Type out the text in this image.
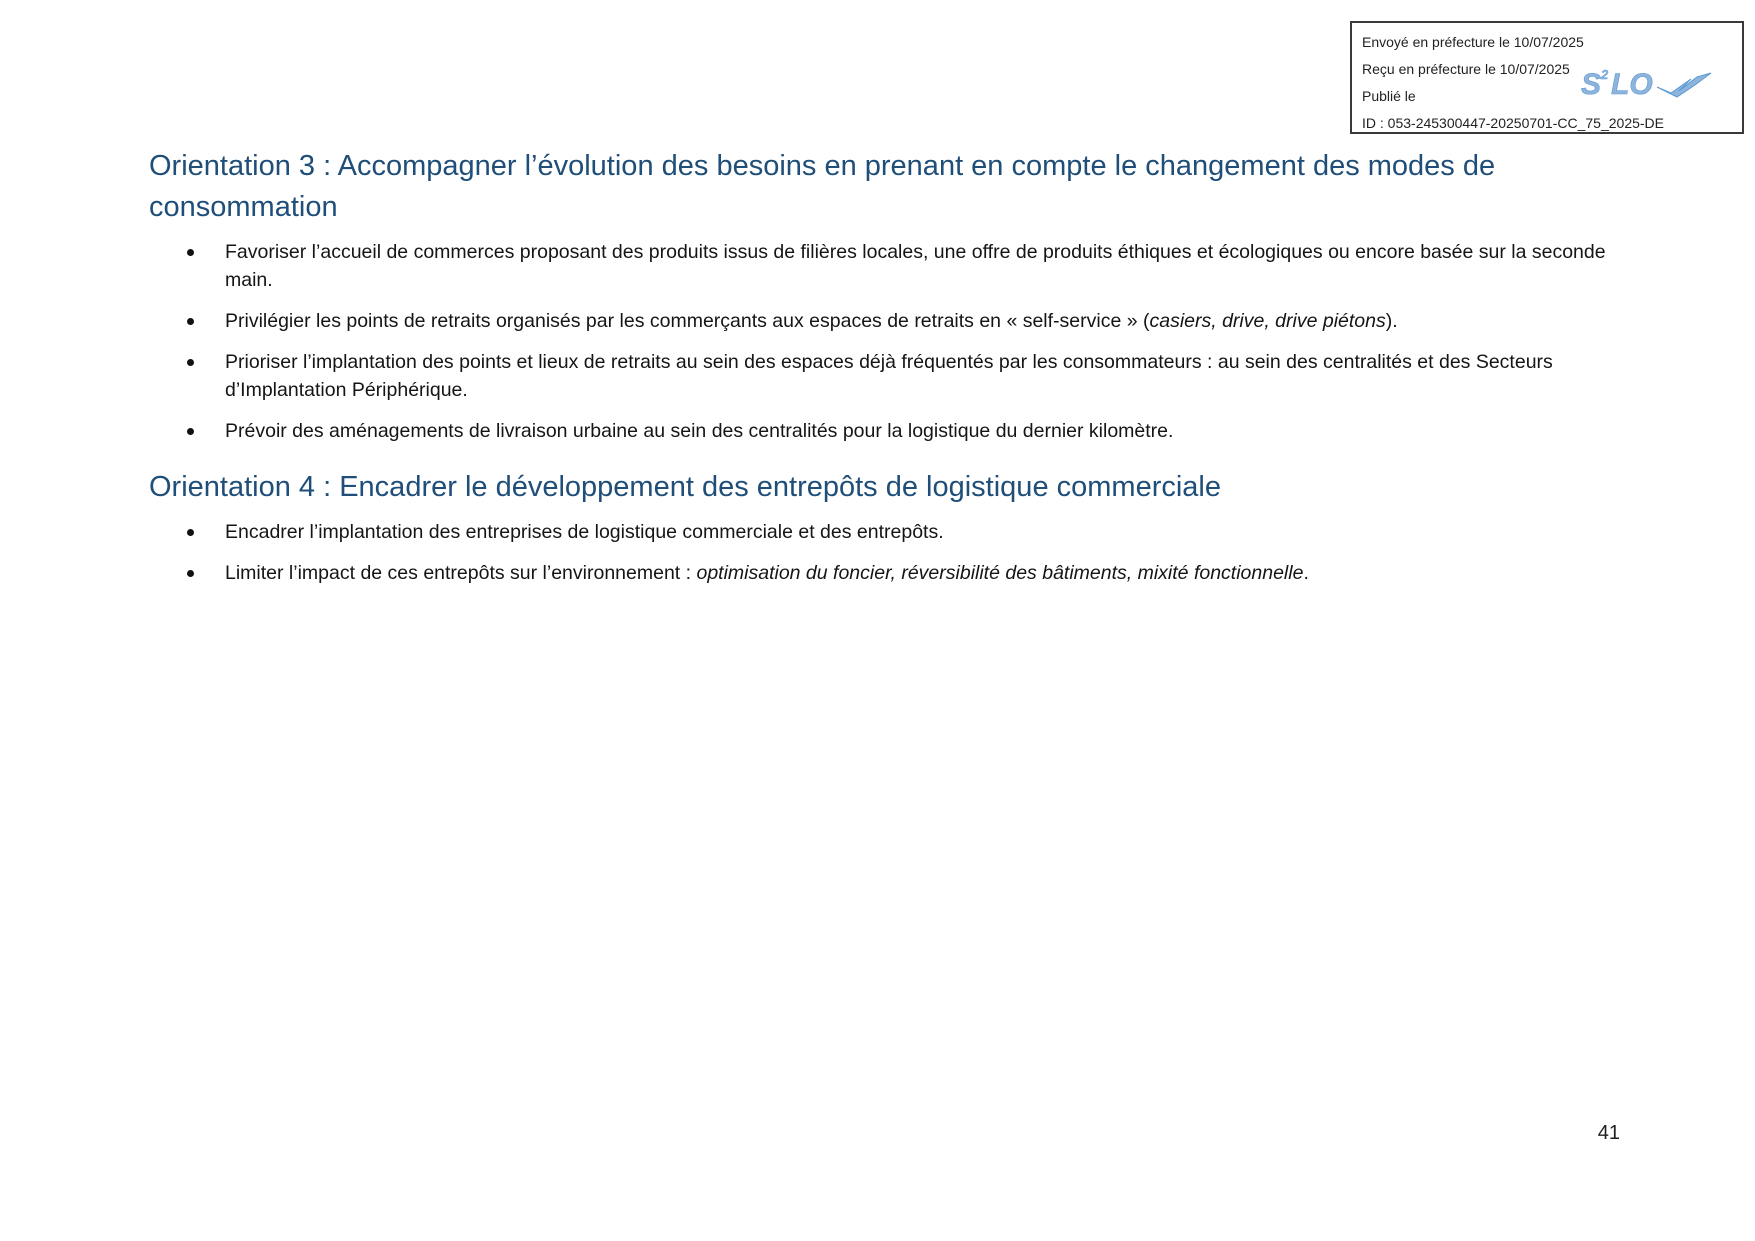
Envoyé en préfecture le 10/07/2025
Reçu en préfecture le 10/07/2025
Publié le
ID : 053-245300447-20250701-CC_75_2025-DE
S 2 LO
Orientation 3 : Accompagner l’évolution des besoins en prenant en compte le changement des modes de consommation
Favoriser l’accueil de commerces proposant des produits issus de filières locales, une offre de produits éthiques et écologiques ou encore basée sur la seconde main.
Privilégier les points de retraits organisés par les commerçants aux espaces de retraits en « self-service » (casiers, drive, drive piétons).
Prioriser l’implantation des points et lieux de retraits au sein des espaces déjà fréquentés par les consommateurs : au sein des centralités et des Secteurs d’Implantation Périphérique.
Prévoir des aménagements de livraison urbaine au sein des centralités pour la logistique du dernier kilomètre.
Orientation 4 : Encadrer le développement des entrepôts de logistique commerciale
Encadrer l’implantation des entreprises de logistique commerciale et des entrepôts.
Limiter l’impact de ces entrepôts sur l’environnement : optimisation du foncier, réversibilité des bâtiments, mixité fonctionnelle.
41
